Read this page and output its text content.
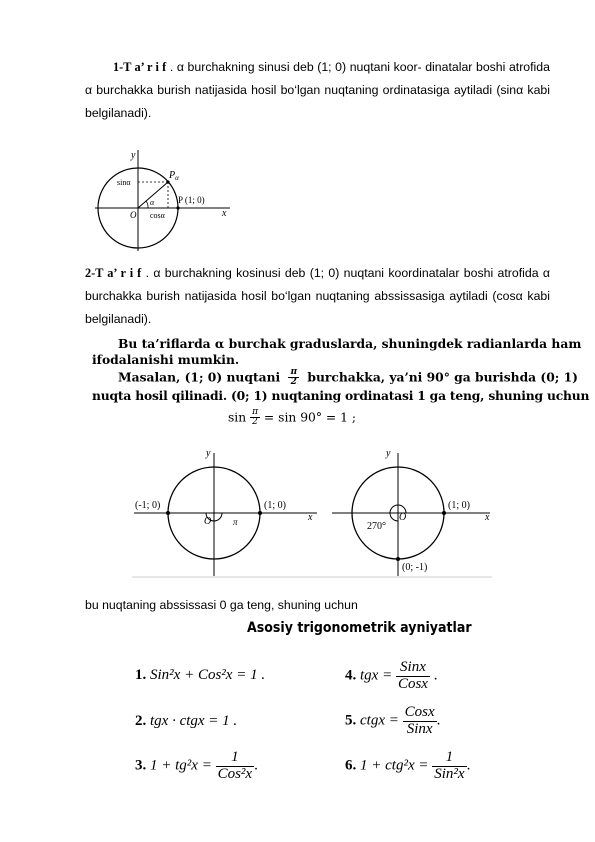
1-T a’ r i f . α burchakning sinusi deb (1; 0) nuqtani koor- dinatalar boshi atrofida α burchakka burish natijasida hosil bo‘lgan nuqtaning ordinatasiga aytiladi (sinα kabi belgilanadi).
y
x
$P_\alpha$
sinα
α
O cosα
P (1; 0)
2-T a’ r i f . α burchakning kosinusi deb (1; 0) nuqtani koordinatalar boshi atrofida α burchakka burish natijasida hosil bo‘lgan nuqtaning abssissasiga aytiladi (cosα kabi belgilanadi).
Bu ta’riflarda α burchak graduslarda, shuningdek radianlarda ham
ifodalanishi mumkin.
Masalan, (1; 0) nuqtani $\frac{\pi}{2}$ burchakka, ya’ni 90° ga burishda (0; 1)
nuqta hosil qilinadi. (0; 1) nuqtaning ordinatasi 1 ga teng, shuning uchun
$\sin \frac{\pi}{2} = \sin 90^\circ = 1$ ;
y
x
O
(-1; 0)	(1; 0)
π
y
x
O
(1; 0)
(0; -1)
270°
bu nuqtaning abssissasi 0 ga teng, shuning uchun
Asosiy trigonometrik ayniyatlar
1. Sin²x + Cos²x = 1 .
2. tgx · ctgx = 1 .
3. $1 + tg^2x = \frac{1}{\text{Cos²x}}$ .
4. tgx = $\frac{\text{Sinx}}{\text{Cosx}}$ .
5. ctgx = $\frac{\text{Cosx}}{\text{Sinx}}$ .
6. $1 + ctg^2x = \frac{1}{\text{Sin²x}}$ .
